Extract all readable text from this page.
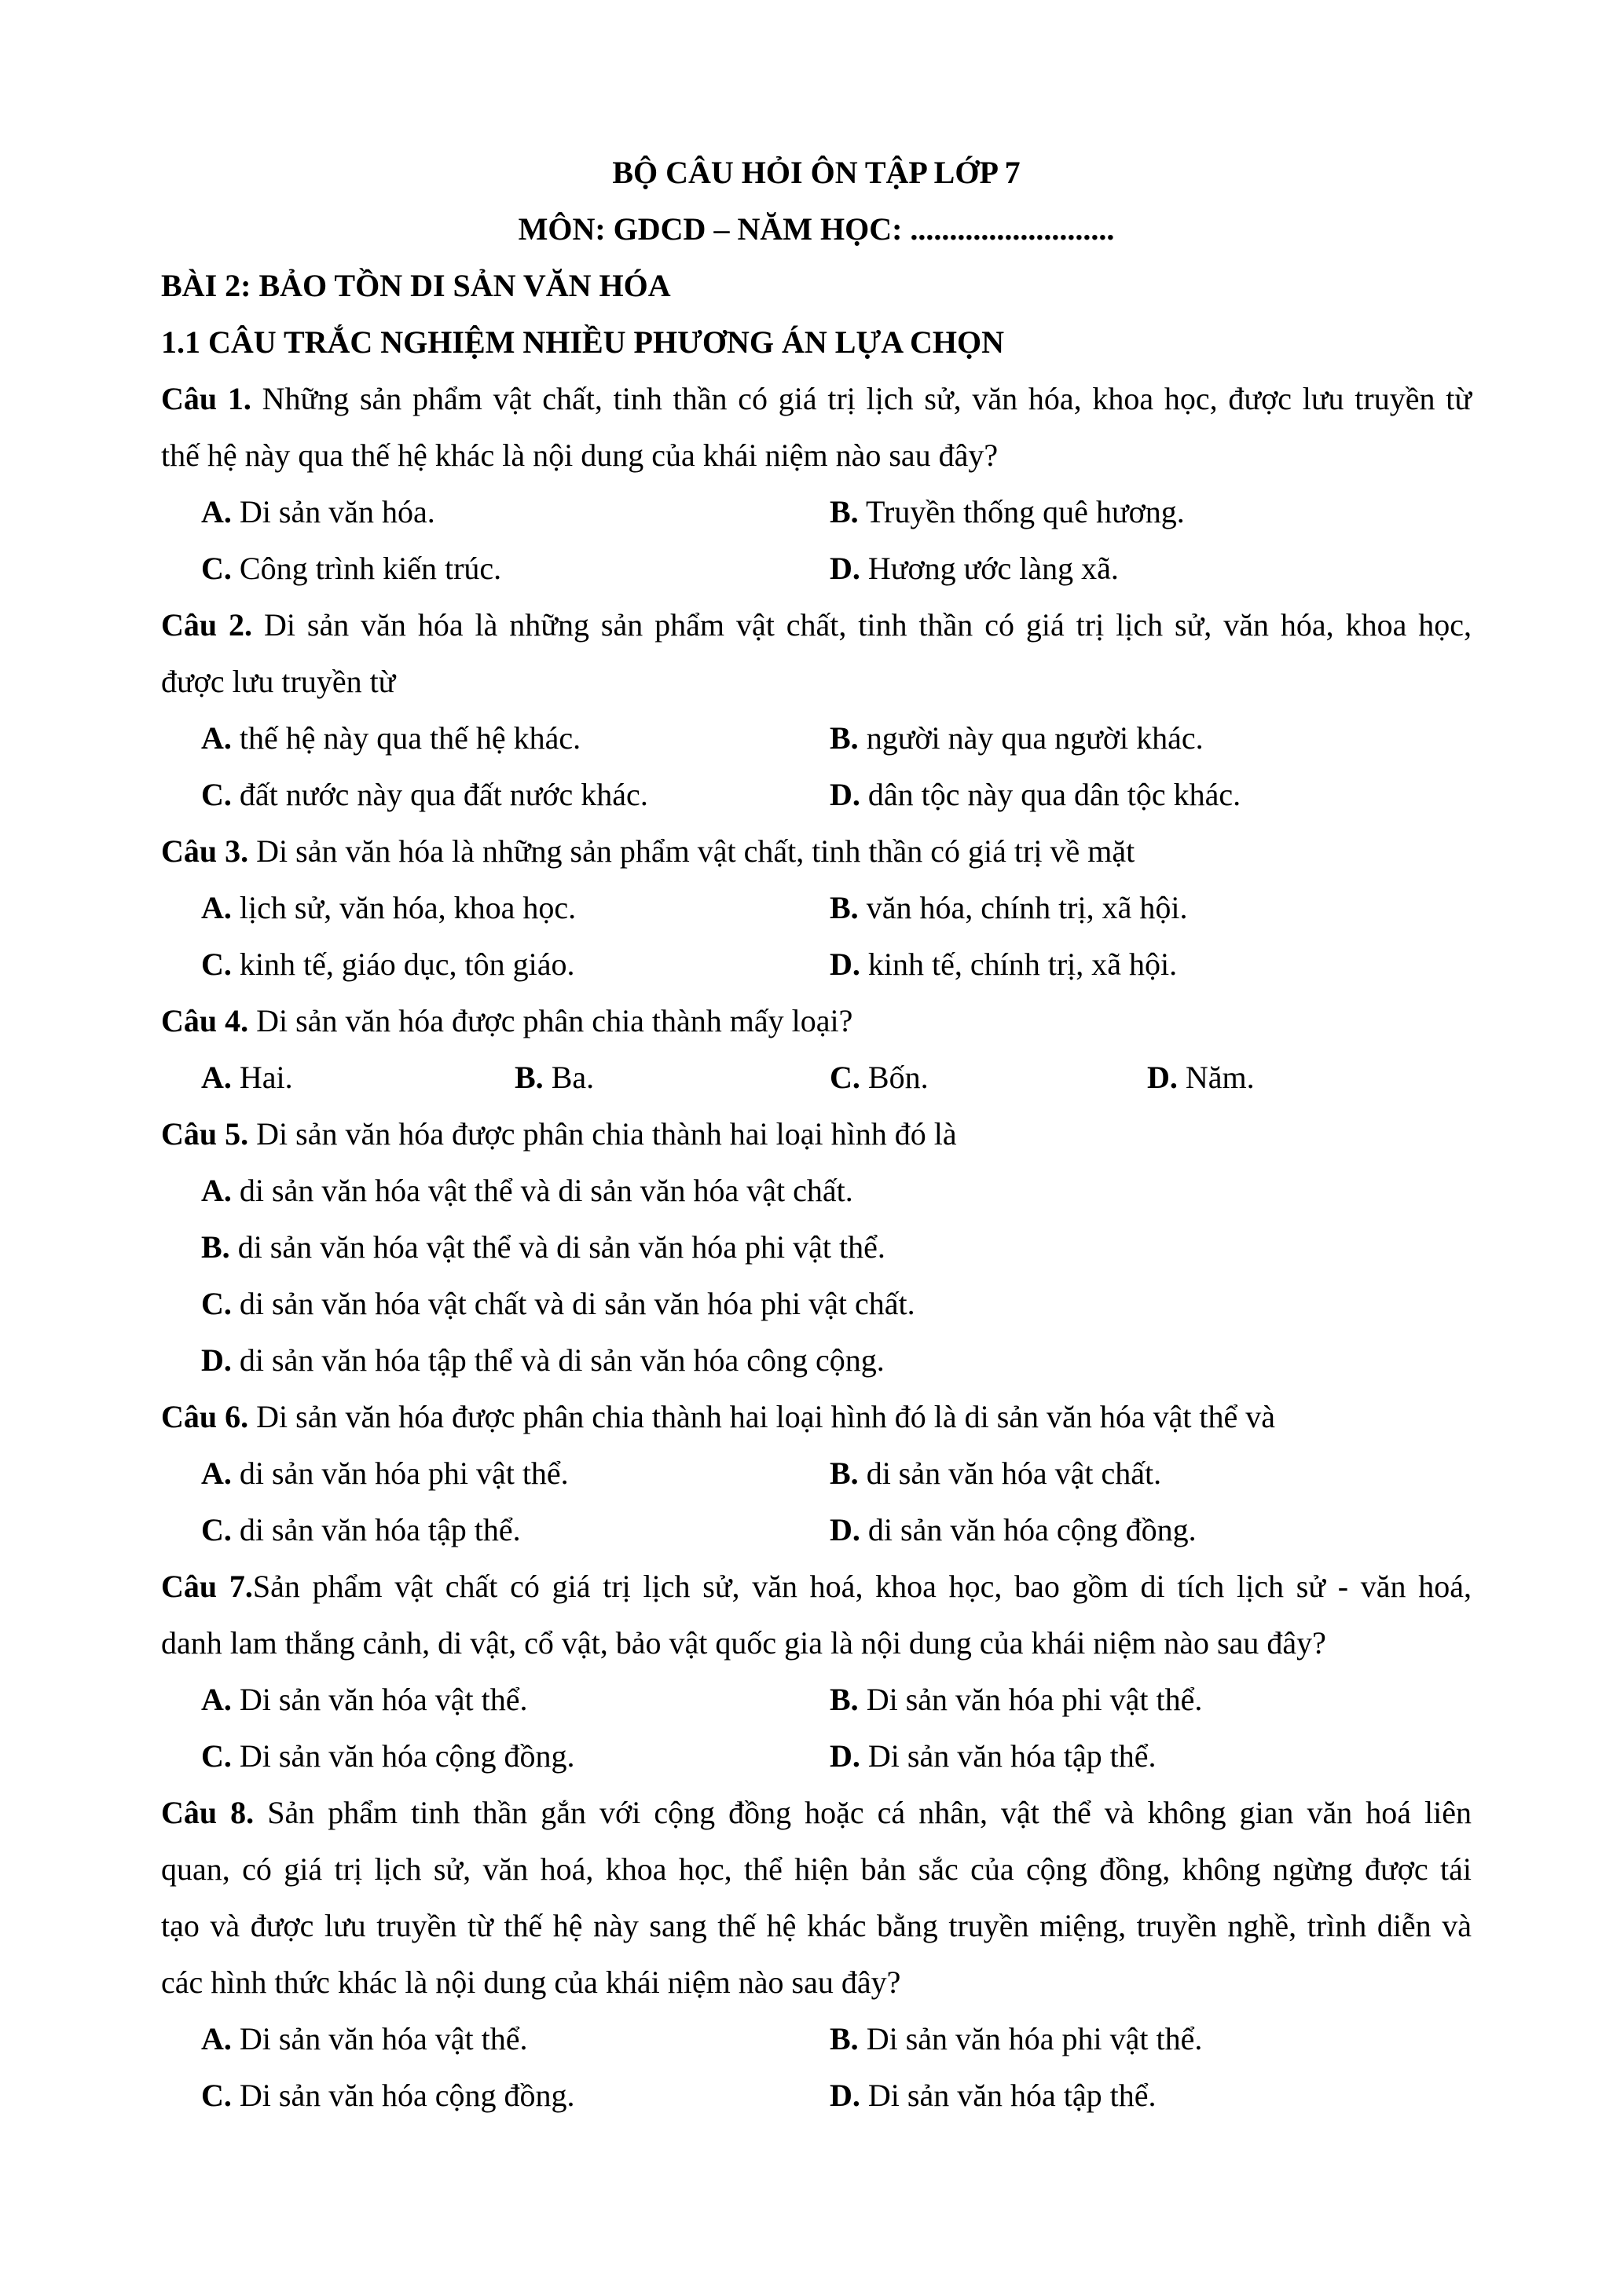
BỘ CÂU HỎI ÔN TẬP LỚP 7
MÔN: GDCD – NĂM HỌC: ..........................
BÀI 2: BẢO TỒN DI SẢN VĂN HÓA
1.1 CÂU TRẮC NGHIỆM NHIỀU PHƯƠNG ÁN LỰA CHỌN
Câu 1. Những sản phẩm vật chất, tinh thần có giá trị lịch sử, văn hóa, khoa học, được lưu truyền từ
thế hệ này qua thế hệ khác là nội dung của khái niệm nào sau đây?
A. Di sản văn hóa.	B. Truyền thống quê hương.
C. Công trình kiến trúc.	D. Hương ước làng xã.
Câu 2. Di sản văn hóa là những sản phẩm vật chất, tinh thần có giá trị lịch sử, văn hóa, khoa học,
được lưu truyền từ
A. thế hệ này qua thế hệ khác.	B. người này qua người khác.
C. đất nước này qua đất nước khác.	D. dân tộc này qua dân tộc khác.
Câu 3. Di sản văn hóa là những sản phẩm vật chất, tinh thần có giá trị về mặt
A. lịch sử, văn hóa, khoa học.	B. văn hóa, chính trị, xã hội.
C. kinh tế, giáo dục, tôn giáo.	D. kinh tế, chính trị, xã hội.
Câu 4. Di sản văn hóa được phân chia thành mấy loại?
A. Hai.	B. Ba.	C. Bốn.	D. Năm.
Câu 5. Di sản văn hóa được phân chia thành hai loại hình đó là
A. di sản văn hóa vật thể và di sản văn hóa vật chất.
B. di sản văn hóa vật thể và di sản văn hóa phi vật thể.
C. di sản văn hóa vật chất và di sản văn hóa phi vật chất.
D. di sản văn hóa tập thể và di sản văn hóa công cộng.
Câu 6. Di sản văn hóa được phân chia thành hai loại hình đó là di sản văn hóa vật thể và
A. di sản văn hóa phi vật thể.	B. di sản văn hóa vật chất.
C. di sản văn hóa tập thể.	D. di sản văn hóa cộng đồng.
Câu 7.Sản phẩm vật chất có giá trị lịch sử, văn hoá, khoa học, bao gồm di tích lịch sử - văn hoá,
danh lam thắng cảnh, di vật, cổ vật, bảo vật quốc gia là nội dung của khái niệm nào sau đây?
A. Di sản văn hóa vật thể.	B. Di sản văn hóa phi vật thể.
C. Di sản văn hóa cộng đồng.	D. Di sản văn hóa tập thể.
Câu 8. Sản phẩm tinh thần gắn với cộng đồng hoặc cá nhân, vật thể và không gian văn hoá liên
quan, có giá trị lịch sử, văn hoá, khoa học, thể hiện bản sắc của cộng đồng, không ngừng được tái
tạo và được lưu truyền từ thế hệ này sang thế hệ khác bằng truyền miệng, truyền nghề, trình diễn và
các hình thức khác là nội dung của khái niệm nào sau đây?
A. Di sản văn hóa vật thể.	B. Di sản văn hóa phi vật thể.
C. Di sản văn hóa cộng đồng.	D. Di sản văn hóa tập thể.
